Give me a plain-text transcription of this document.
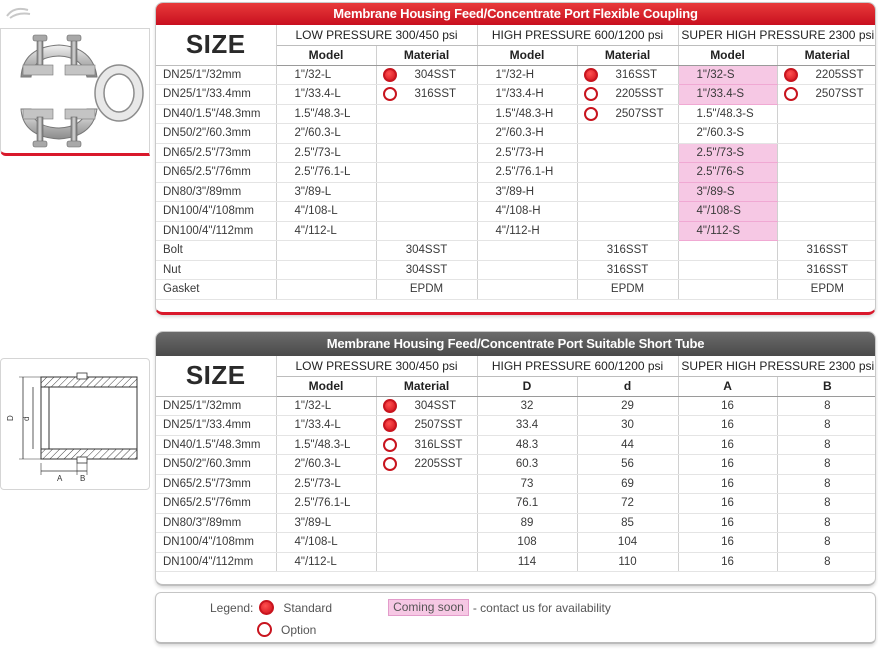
D d
A B
Membrane Housing Feed/Concentrate Port Flexible Coupling
SIZE	LOW PRESSURE 300/450 psi		HIGH PRESSURE 600/1200 psi		SUPER HIGH PRESSURE 2300 psi	
	Model	Material	Model	Material	Model	Material
DN25/1"/32mm	1"/32-L	304SST	1"/32-H	316SST	1"/32-S	2205SST

DN25/1"/33.4mm	1"/33.4-L	316SST	1"/33.4-H	2205SST	1"/33.4-S	2507SST

DN40/1.5"/48.3mm	1.5"/48.3-L		1.5"/48.3-H	2507SST	1.5"/48.3-S	

DN50/2"/60.3mm	2"/60.3-L		2"/60.3-H		2"/60.3-S	

DN65/2.5"/73mm	2.5"/73-L		2.5"/73-H		2.5"/73-S	

DN65/2.5"/76mm	2.5"/76.1-L		2.5"/76.1-H		2.5"/76-S	

DN80/3"/89mm	3"/89-L		3"/89-H		3"/89-S	

DN100/4"/108mm	4"/108-L		4"/108-H		4"/108-S	

DN100/4"/112mm	4"/112-L		4"/112-H		4"/112-S	

Bolt		304SST		316SST		316SST
Nut		304SST		316SST		316SST
Gasket		EPDM		EPDM		EPDM
Membrane Housing Feed/Concentrate Port Suitable Short Tube
SIZE	LOW PRESSURE 300/450 psi		HIGH PRESSURE 600/1200 psi		SUPER HIGH PRESSURE 2300 psi	
	Model	Material	D	d	A	B
DN25/1"/32mm	1"/32-L	304SST	32	29	16	8
DN25/1"/33.4mm	1"/33.4-L	2507SST	33.4	30	16	8
DN40/1.5"/48.3mm	1.5"/48.3-L	316LSST	48.3	44	16	8
DN50/2"/60.3mm	2"/60.3-L	2205SST	60.3	56	16	8
DN65/2.5"/73mm	2.5"/73-L		73	69	16	8
DN65/2.5"/76mm	2.5"/76.1-L		76.1	72	16	8
DN80/3"/89mm	3"/89-L		89	85	16	8
DN100/4"/108mm	4"/108-L		108	104	16	8
DN100/4"/112mm	4"/112-L		114	110	16	8
Legend:	Standard	Coming soon - contact us for availability
Option
